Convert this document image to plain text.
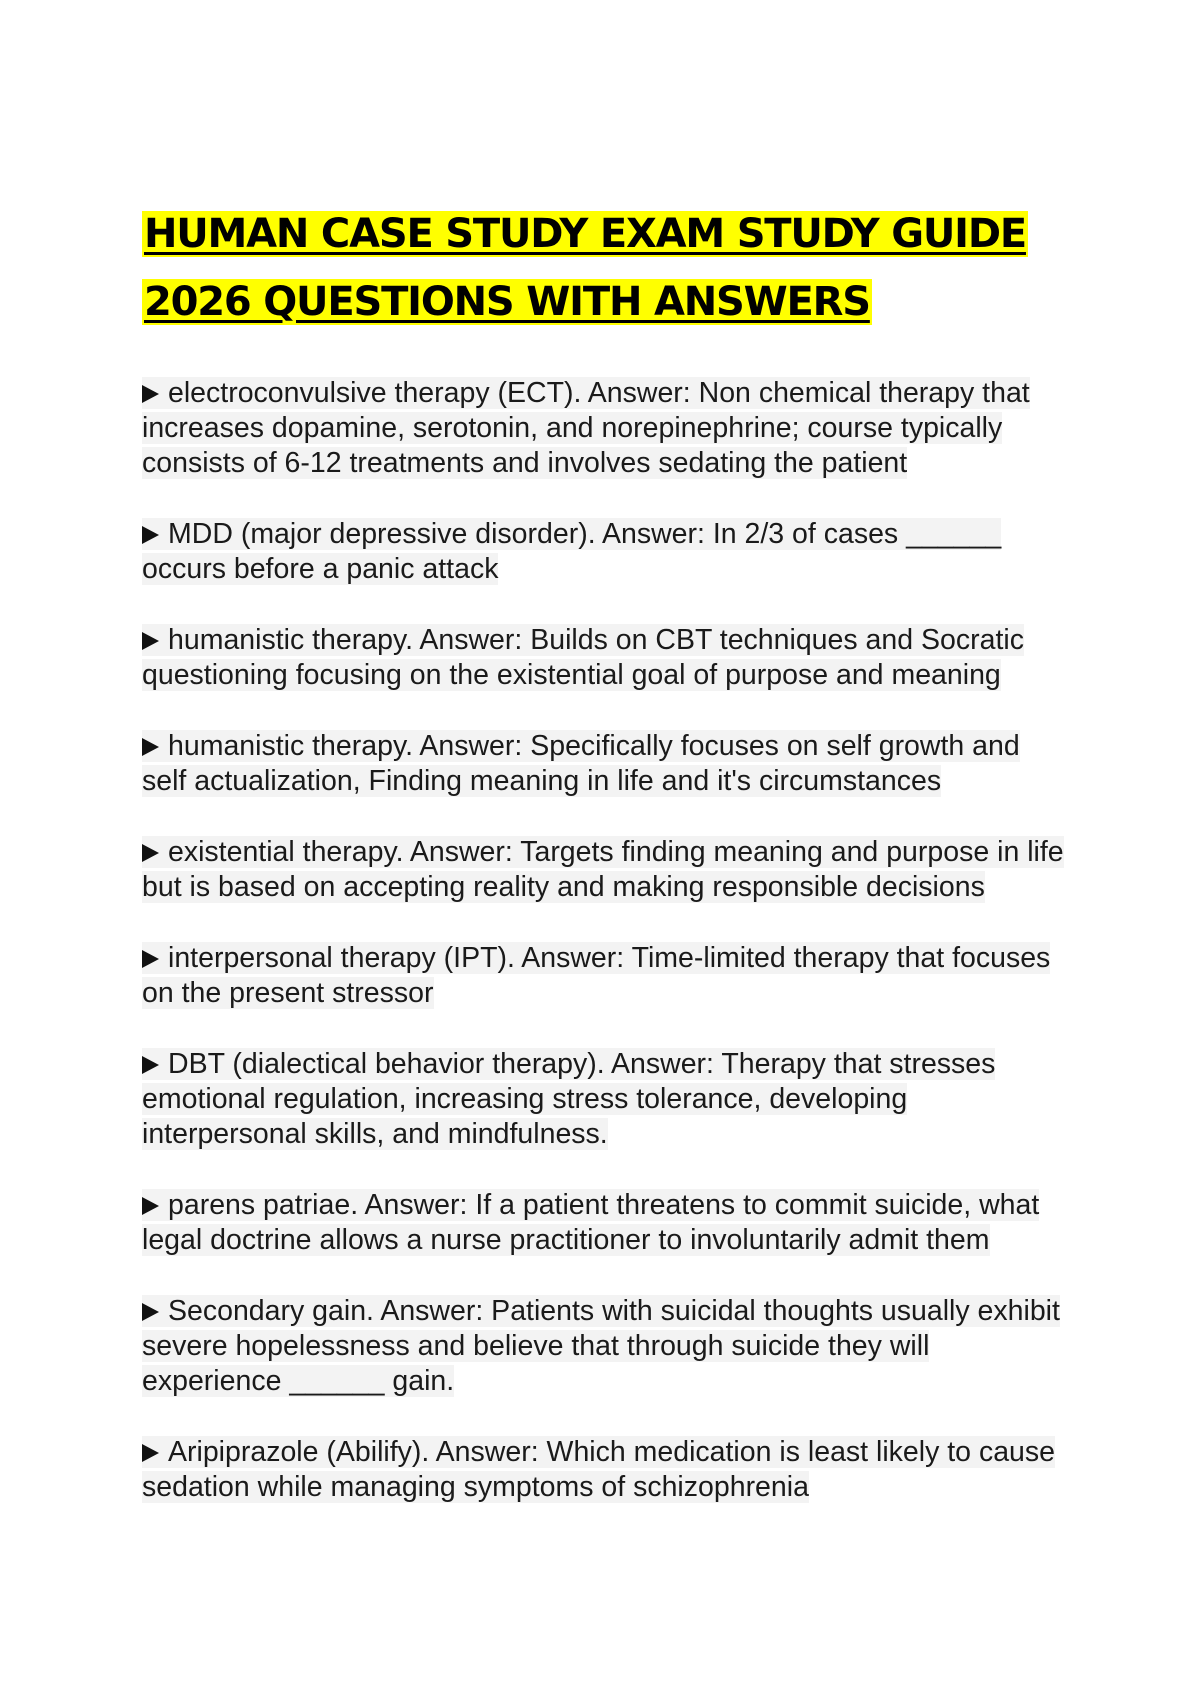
HUMAN CASE STUDY EXAM STUDY GUIDE
2026 QUESTIONS WITH ANSWERS
electroconvulsive therapy (ECT). Answer: Non chemical therapy that increases dopamine, serotonin, and norepinephrine; course typically consists of 6-12 treatments and involves sedating the patient
MDD (major depressive disorder). Answer: In 2/3 of cases ______ occurs before a panic attack
humanistic therapy. Answer: Builds on CBT techniques and Socratic questioning focusing on the existential goal of purpose and meaning
humanistic therapy. Answer: Specifically focuses on self growth and self actualization, Finding meaning in life and it's circumstances
existential therapy. Answer: Targets finding meaning and purpose in life but is based on accepting reality and making responsible decisions
interpersonal therapy (IPT). Answer: Time-limited therapy that focuses on the present stressor
DBT (dialectical behavior therapy). Answer: Therapy that stresses emotional regulation, increasing stress tolerance, developing interpersonal skills, and mindfulness.
parens patriae. Answer: If a patient threatens to commit suicide, what legal doctrine allows a nurse practitioner to involuntarily admit them
Secondary gain. Answer: Patients with suicidal thoughts usually exhibit severe hopelessness and believe that through suicide they will experience ______ gain.
Aripiprazole (Abilify). Answer: Which medication is least likely to cause sedation while managing symptoms of schizophrenia
